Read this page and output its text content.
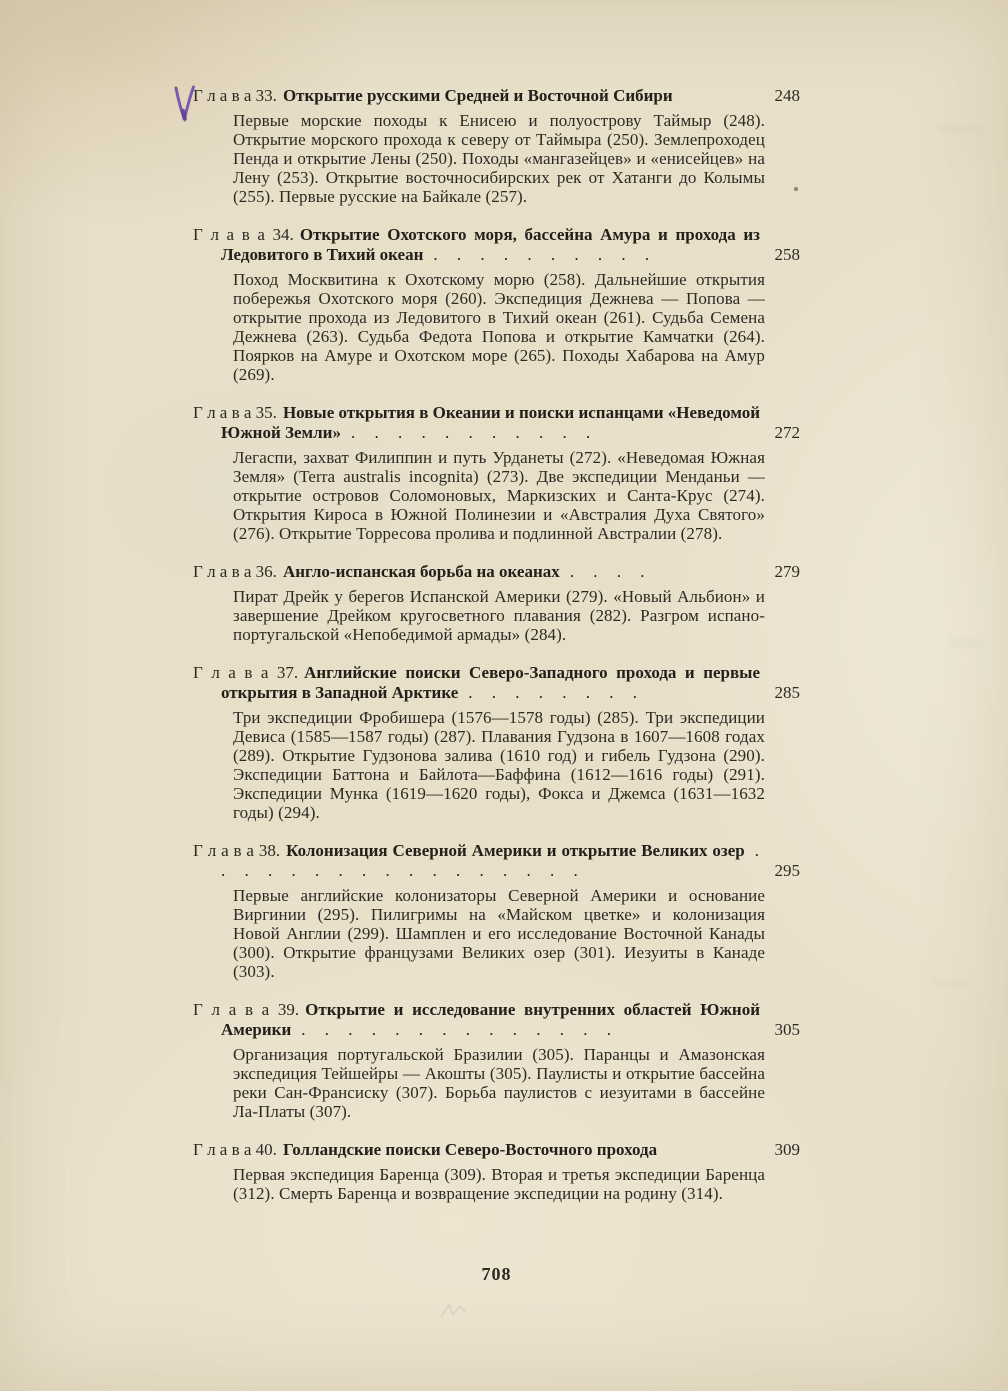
Г л а в а 33. Открытие русскими Средней и Восточной Сибири	248

Первые морские походы к Енисею и полуострову Таймыр (248). Открытие морского прохода к северу от Таймыра (250). Землепроходец Пенда и открытие Лены (250). Походы «мангазейцев» и «енисейцев» на Лену (253). Открытие восточносибирских рек от Хатанги до Колымы (255). Первые русские на Байкале (257).

Г л а в а 34. Открытие Охотского моря, бассейна Амура и прохода из Ледовитого в Тихий океан . . . . . . . . . .	258

Поход Москвитина к Охотскому морю (258). Дальнейшие открытия побережья Охотского моря (260). Экспедиция Дежнева — Попова — открытие прохода из Ледовитого в Тихий океан (261). Судьба Семена Дежнева (263). Судьба Федота Попова и открытие Камчатки (264). Поярков на Амуре и Охотском море (265). Походы Хабарова на Амур (269).

Г л а в а 35. Новые открытия в Океании и поиски испанцами «Неведомой Южной Земли» . . . . . . . . . . .	272

Легаспи, захват Филиппин и путь Урданеты (272). «Неведомая Южная Земля» (Terra australis incognita) (273). Две экспедиции Менданьи — открытие островов Соломоновых, Маркизских и Санта-Крус (274). Открытия Кироса в Южной Полинезии и «Австралия Духа Святого» (276). Открытие Торресова пролива и подлинной Австралии (278).

Г л а в а 36. Англо-испанская борьба на океанах . . . .	279

Пират Дрейк у берегов Испанской Америки (279). «Новый Альбион» и завершение Дрейком кругосветного плавания (282). Разгром испано-португальской «Непобедимой армады» (284).

Г л а в а 37. Английские поиски Северо-Западного прохода и первые открытия в Западной Арктике . . . . . . . .	285

Три экспедиции Фробишера (1576—1578 годы) (285). Три экспедиции Девиса (1585—1587 годы) (287). Плавания Гудзона в 1607—1608 годах (289). Открытие Гудзонова залива (1610 год) и гибель Гудзона (290). Экспедиции Баттона и Байлота—Баффина (1612—1616 годы) (291). Экспедиции Мунка (1619—1620 годы), Фокса и Джемса (1631—1632 годы) (294).

Г л а в а 38. Колонизация Северной Америки и открытие Великих озер . . . . . . . . . . . . . . . . .	295

Первые английские колонизаторы Северной Америки и основание Виргинии (295). Пилигримы на «Майском цветке» и колонизация Новой Англии (299). Шамплен и его исследование Восточной Канады (300). Открытие французами Великих озер (301). Иезуиты в Канаде (303).

Г л а в а 39. Открытие и исследование внутренних областей Южной Америки . . . . . . . . . . . . . .	305

Организация португальской Бразилии (305). Паранцы и Амазонская экспедиция Тейшейры — Акошты (305). Паулисты и открытие бассейна реки Сан-Франсиску (307). Борьба паулистов с иезуитами в бассейне Ла-Платы (307).

Г л а в а 40. Голландские поиски Северо-Восточного прохода	309

Первая экспедиция Баренца (309). Вторая и третья экспедиции Баренца (312). Смерть Баренца и возвращение экспедиции на родину (314).

708
